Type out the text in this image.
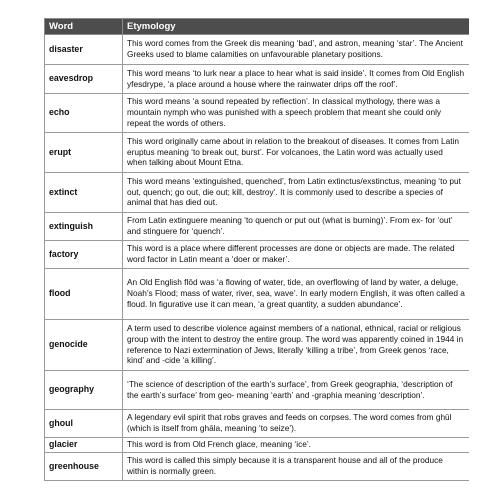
Word	Etymology
disaster	This word comes from the Greek dis meaning ‘bad’, and astron, meaning ‘star’. The Ancient Greeks used to blame calamities on unfavourable planetary positions.
eavesdrop	This word means ‘to lurk near a place to hear what is said inside’. It comes from Old English yfesdrype, ‘a place around a house where the rainwater drips off the roof’.
echo	This word means ‘a sound repeated by reflection’. In classical mythology, there was a mountain nymph who was punished with a speech problem that meant she could only repeat the words of others.
erupt	This word originally came about in relation to the breakout of diseases. It comes from Latin eruptus meaning ‘to break out, burst’. For volcanoes, the Latin word was actually used when talking about Mount Etna.
extinct	This word means ‘extinguished, quenched’, from Latin extinctus/exstinctus, meaning ‘to put out, quench; go out, die out; kill, destroy’. It is commonly used to describe a species of animal that has died out.
extinguish	From Latin extinguere meaning ‘to quench or put out (what is burning)’. From ex- for ‘out’ and stinguere for ‘quench’.
factory	This word is a place where different processes are done or objects are made. The related word factor in Latin meant a ‘doer or maker’.
flood	An Old English flōd was ‘a flowing of water, tide, an overflowing of land by water, a deluge, Noah’s Flood; mass of water, river, sea, wave’. In early modern English, it was often called a floud. In figurative use it can mean, ‘a great quantity, a sudden abundance’.
genocide	A term used to describe violence against members of a national, ethnical, racial or religious group with the intent to destroy the entire group. The word was apparently coined in 1944 in reference to Nazi extermination of Jews, literally ‘killing a tribe’, from Greek genos ‘race, kind’ and -cide ‘a killing’.
geography	‘The science of description of the earth’s surface’, from Greek geographia, ‘description of the earth’s surface’ from geo- meaning ‘earth’ and -graphia meaning ‘description’.
ghoul	A legendary evil spirit that robs graves and feeds on corpses. The word comes from ghūl (which is itself from ghāla, meaning ‘to seize’).
glacier	This word is from Old French glace, meaning ‘ice’.
greenhouse	This word is called this simply because it is a transparent house and all of the produce within is normally green.
